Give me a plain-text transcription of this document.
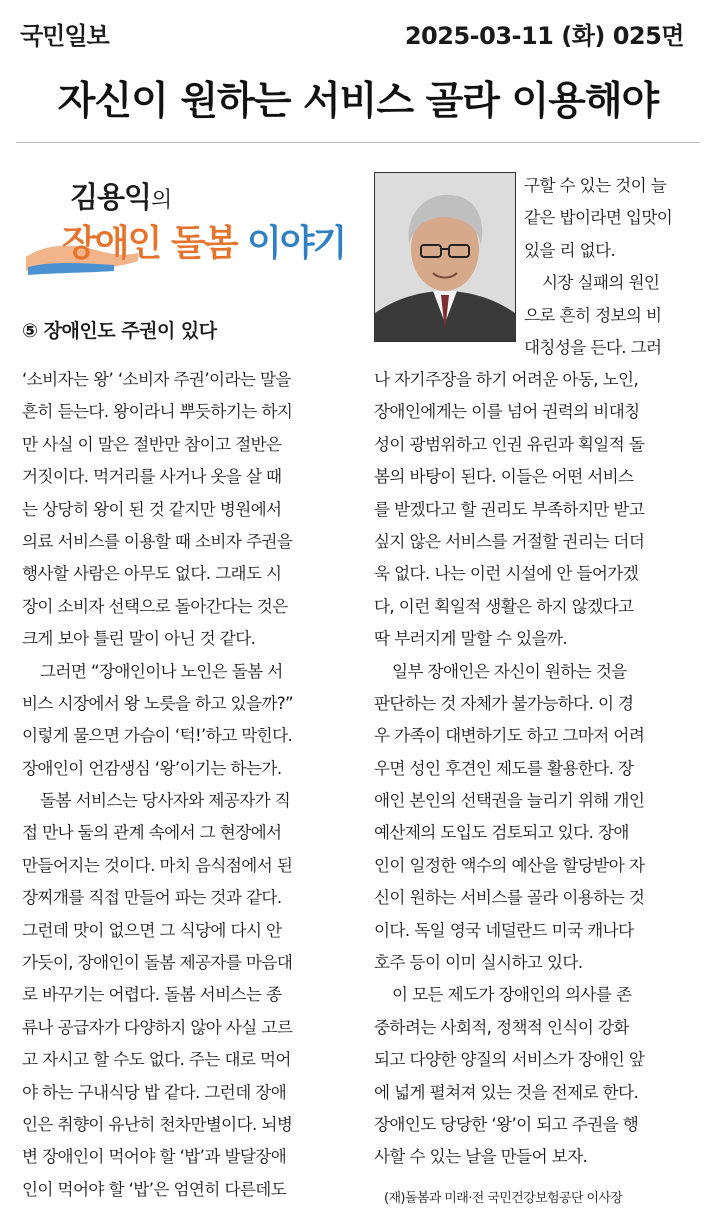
국민일보	2025-03-11 (화) 025면
자신이 원하는 서비스 골라 이용해야
김용익의
장애인 돌봄 이야기
⑤ 장애인도 주권이 있다
‘소비자는 왕’ ‘소비자 주권’이라는 말을
흔히 듣는다. 왕이라니 뿌듯하기는 하지
만 사실 이 말은 절반만 참이고 절반은
거짓이다. 먹거리를 사거나 옷을 살 때
는 상당히 왕이 된 것 같지만 병원에서
의료 서비스를 이용할 때 소비자 주권을
행사할 사람은 아무도 없다. 그래도 시
장이 소비자 선택으로 돌아간다는 것은
크게 보아 틀린 말이 아닌 것 같다.
그러면 “장애인이나 노인은 돌봄 서
비스 시장에서 왕 노릇을 하고 있을까?”
이렇게 물으면 가슴이 ‘턱!’하고 막힌다.
장애인이 언감생심 ‘왕’이기는 하는가.
돌봄 서비스는 당사자와 제공자가 직
접 만나 둘의 관계 속에서 그 현장에서
만들어지는 것이다. 마치 음식점에서 된
장찌개를 직접 만들어 파는 것과 같다.
그런데 맛이 없으면 그 식당에 다시 안
가듯이, 장애인이 돌봄 제공자를 마음대
로 바꾸기는 어렵다. 돌봄 서비스는 종
류나 공급자가 다양하지 않아 사실 고르
고 자시고 할 수도 없다. 주는 대로 먹어
야 하는 구내식당 밥 같다. 그런데 장애
인은 취향이 유난히 천차만별이다. 뇌병
변 장애인이 먹어야 할 ‘밥’과 발달장애
인이 먹어야 할 ‘밥’은 엄연히 다른데도
구할 수 있는 것이 늘
같은 밥이라면 입맛이
있을 리 없다.
시장 실패의 원인
으로 흔히 정보의 비
대칭성을 든다. 그러
나 자기주장을 하기 어려운 아동, 노인,
장애인에게는 이를 넘어 권력의 비대칭
성이 광범위하고 인권 유린과 획일적 돌
봄의 바탕이 된다. 이들은 어떤 서비스
를 받겠다고 할 권리도 부족하지만 받고
싶지 않은 서비스를 거절할 권리는 더더
욱 없다. 나는 이런 시설에 안 들어가겠
다, 이런 획일적 생활은 하지 않겠다고
딱 부러지게 말할 수 있을까.
일부 장애인은 자신이 원하는 것을
판단하는 것 자체가 불가능하다. 이 경
우 가족이 대변하기도 하고 그마저 어려
우면 성인 후견인 제도를 활용한다. 장
애인 본인의 선택권을 늘리기 위해 개인
예산제의 도입도 검토되고 있다. 장애
인이 일정한 액수의 예산을 할당받아 자
신이 원하는 서비스를 골라 이용하는 것
이다. 독일 영국 네덜란드 미국 캐나다
호주 등이 이미 실시하고 있다.
이 모든 제도가 장애인의 의사를 존
중하려는 사회적, 정책적 인식이 강화
되고 다양한 양질의 서비스가 장애인 앞
에 넓게 펼쳐져 있는 것을 전제로 한다.
장애인도 당당한 ‘왕’이 되고 주권을 행
사할 수 있는 날을 만들어 보자.
(재)돌봄과 미래·전 국민건강보험공단 이사장
